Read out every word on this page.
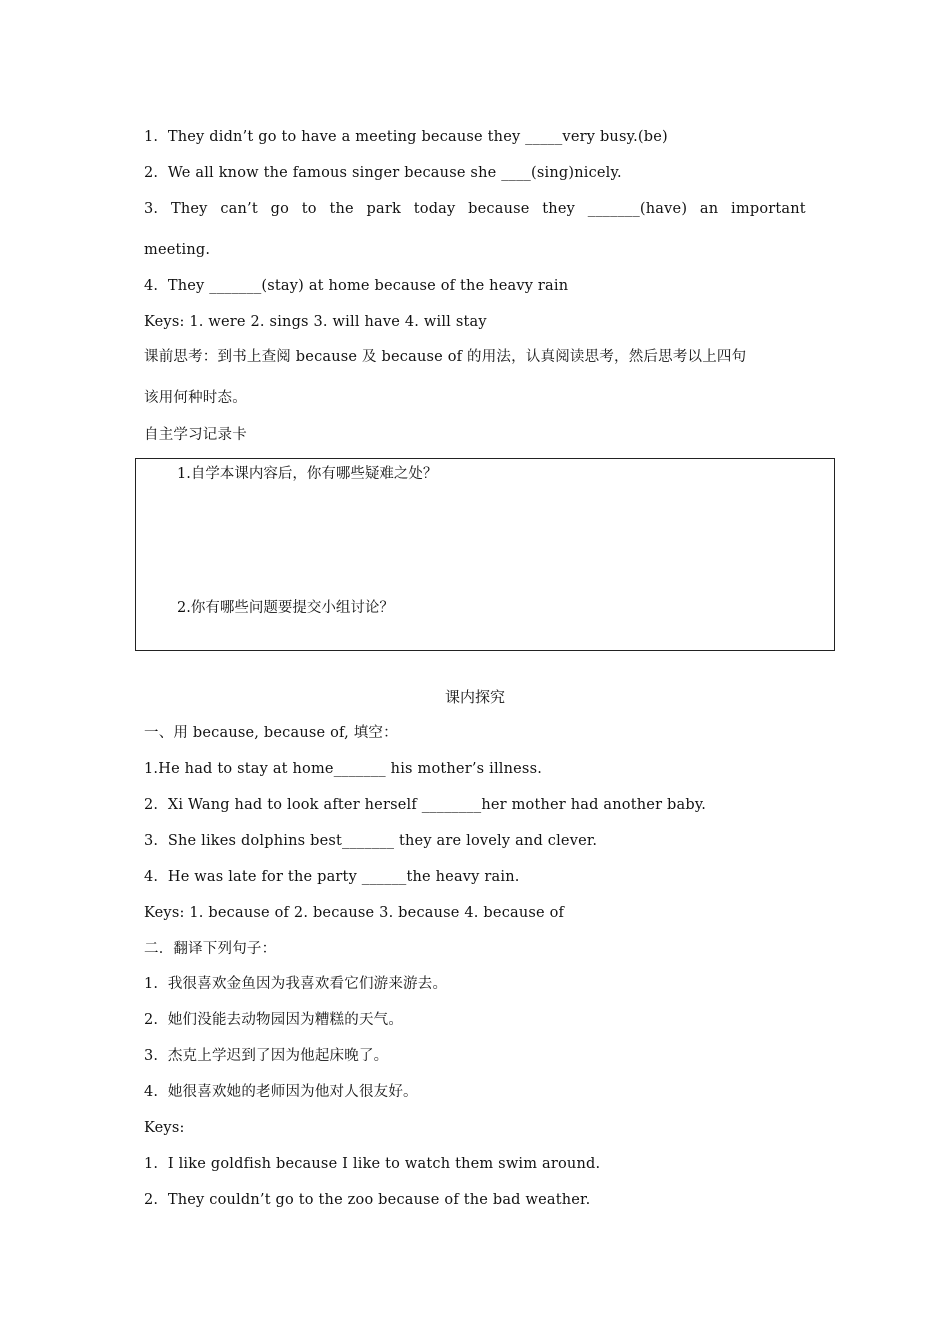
1.  They didn’t go to have a meeting because they _____very busy.(be)
2.  We all know the famous singer because she ____(sing)nicely.
3. They can’t go to the park today because they _______(have) an important
meeting.
4.  They _______(stay) at home because of the heavy rain
Keys: 1. were 2. sings 3. will have 4. will stay
课前思考：到书上查阅 because 及 because of 的用法，认真阅读思考，然后思考以上四句
该用何种时态。
自主学习记录卡
1.自学本课内容后，你有哪些疑难之处？
2.你有哪些问题要提交小组讨论？
课内探究
一、用 because, because of, 填空：
1.He had to stay at home_______ his mother’s illness.
2.  Xi Wang had to look after herself ________her mother had another baby.
3.  She likes dolphins best_______ they are lovely and clever.
4.  He was late for the party ______the heavy rain.
Keys: 1. because of 2. because 3. because 4. because of
二．翻译下列句子：
1.  我很喜欢金鱼因为我喜欢看它们游来游去。
2.  她们没能去动物园因为糟糕的天气。
3.  杰克上学迟到了因为他起床晚了。
4.  她很喜欢她的老师因为他对人很友好。
Keys:
1.  I like goldfish because I like to watch them swim around.
2.  They couldn’t go to the zoo because of the bad weather.
